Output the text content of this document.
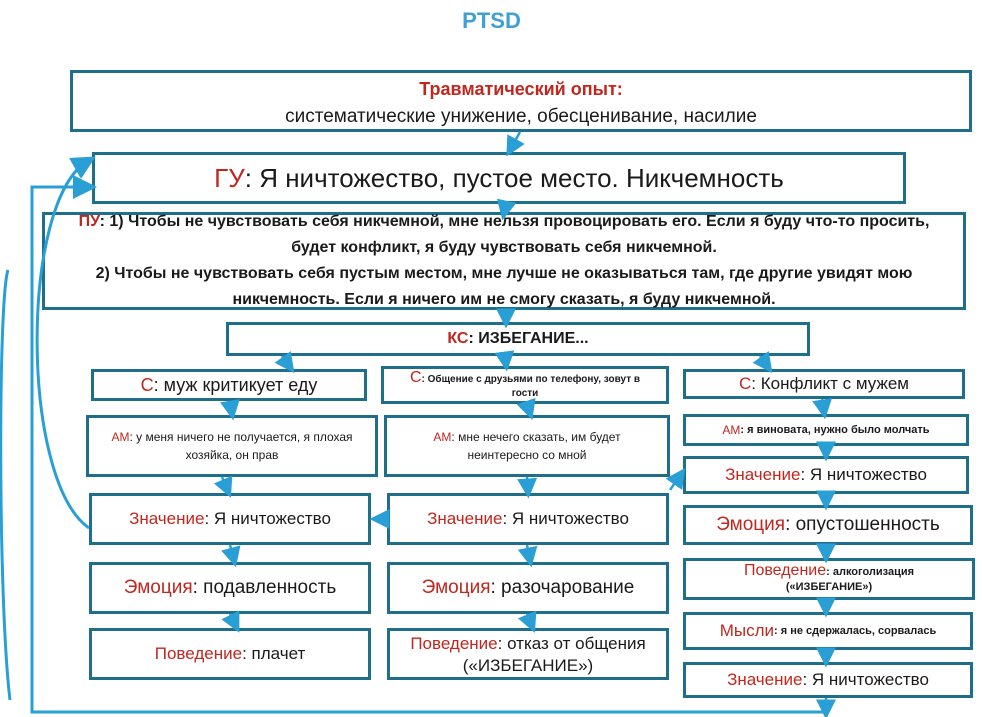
PTSD
Травматический опыт:
систематические унижение, обесценивание, насилие
ГУ : Я ничтожество, пустое место. Никчемность
ПУ: 1) Чтобы не чувствовать себя никчемной, мне нельзя провоцировать его. Если я буду что-то просить, будет конфликт, я буду чувствовать себя никчемной.
2) Чтобы не чувствовать себя пустым местом, мне лучше не оказываться там, где другие увидят мою никчемность. Если я ничего им не смогу сказать, я буду никчемной.
КС : ИЗБЕГАНИЕ...
С : муж критикует еду
АМ: у меня ничего не получается, я плохая хозяйка, он прав
Значение : Я ничтожество
Эмоция : подавленность
Поведение : плачет
С: Общение с друзьями по телефону, зовут в гости
АМ: мне нечего сказать, им будет неинтересно со мной
Значение : Я ничтожество
Эмоция : разочарование
Поведение: отказ от общения («ИЗБЕГАНИЕ»)
С : Конфликт с мужем
АМ : я виновата, нужно было молчать
Значение : Я ничтожество
Эмоция : опустошенность
Поведение: алкоголизация («ИЗБЕГАНИЕ»)
Мысли : я не сдержалась, сорвалась
Значение : Я ничтожество
